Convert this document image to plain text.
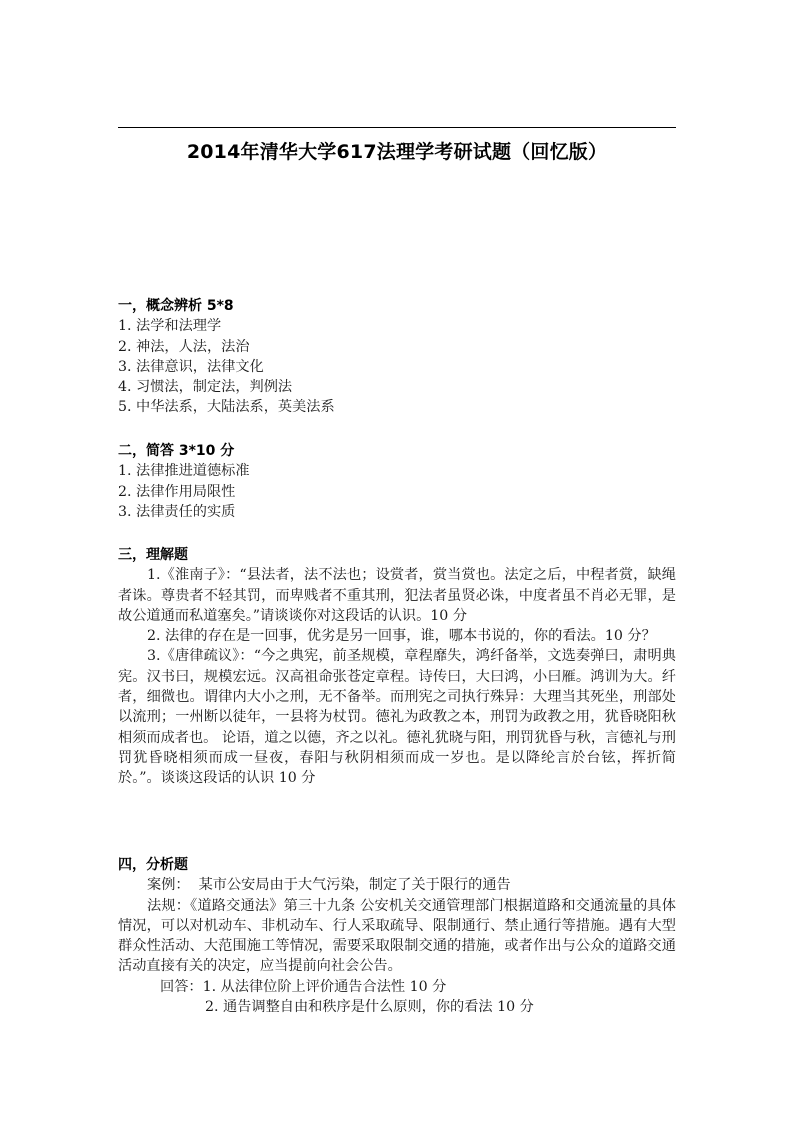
2014年清华大学617法理学考研试题（回忆版）
一，概念辨析 5*8
1. 法学和法理学
2. 神法，人法，法治
3. 法律意识，法律文化
4. 习惯法，制定法，判例法
5. 中华法系，大陆法系，英美法系
二，简答 3*10 分
1. 法律推进道德标准
2. 法律作用局限性
3. 法律责任的实质
三，理解题
1.《淮南子》：“县法者，法不法也；设赏者，赏当赏也。法定之后，中程者赏，缺绳者诛。尊贵者不轻其罚，而卑贱者不重其刑，犯法者虽贤必诛，中度者虽不肖必无罪，是故公道通而私道塞矣。”请谈谈你对这段话的认识。10 分
2. 法律的存在是一回事，优劣是另一回事，谁，哪本书说的，你的看法。10 分？
3.《唐律疏议》：“今之典宪，前圣规模，章程靡失，鸿纤备举，文选奏弹曰，肃明典宪。汉书曰，规模宏远。汉高祖命张苍定章程。诗传曰，大曰鸿，小曰雁。鸿训为大。纤者，细微也。谓律内大小之刑，无不备举。而刑宪之司执行殊异：大理当其死坐，刑部处以流刑；一州断以徒年，一县将为杖罚。德礼为政教之本，刑罚为政教之用，犹昏晓阳秋相须而成者也。 论语，道之以德，齐之以礼。德礼犹晓与阳，刑罚犹昏与秋，言德礼与刑罚犹昏晓相须而成一昼夜，春阳与秋阴相须而成一岁也。是以降纶言於台铉，挥折简於。”。谈谈这段话的认识 10 分
四，分析题
案例： 某市公安局由于大气污染，制定了关于限行的通告
法规：《道路交通法》第三十九条 公安机关交通管理部门根据道路和交通流量的具体情况，可以对机动车、非机动车、行人采取疏导、限制通行、禁止通行等措施。遇有大型群众性活动、大范围施工等情况，需要采取限制交通的措施，或者作出与公众的道路交通活动直接有关的决定，应当提前向社会公告。
回答：1. 从法律位阶上评价通告合法性 10 分
2. 通告调整自由和秩序是什么原则，你的看法 10 分
